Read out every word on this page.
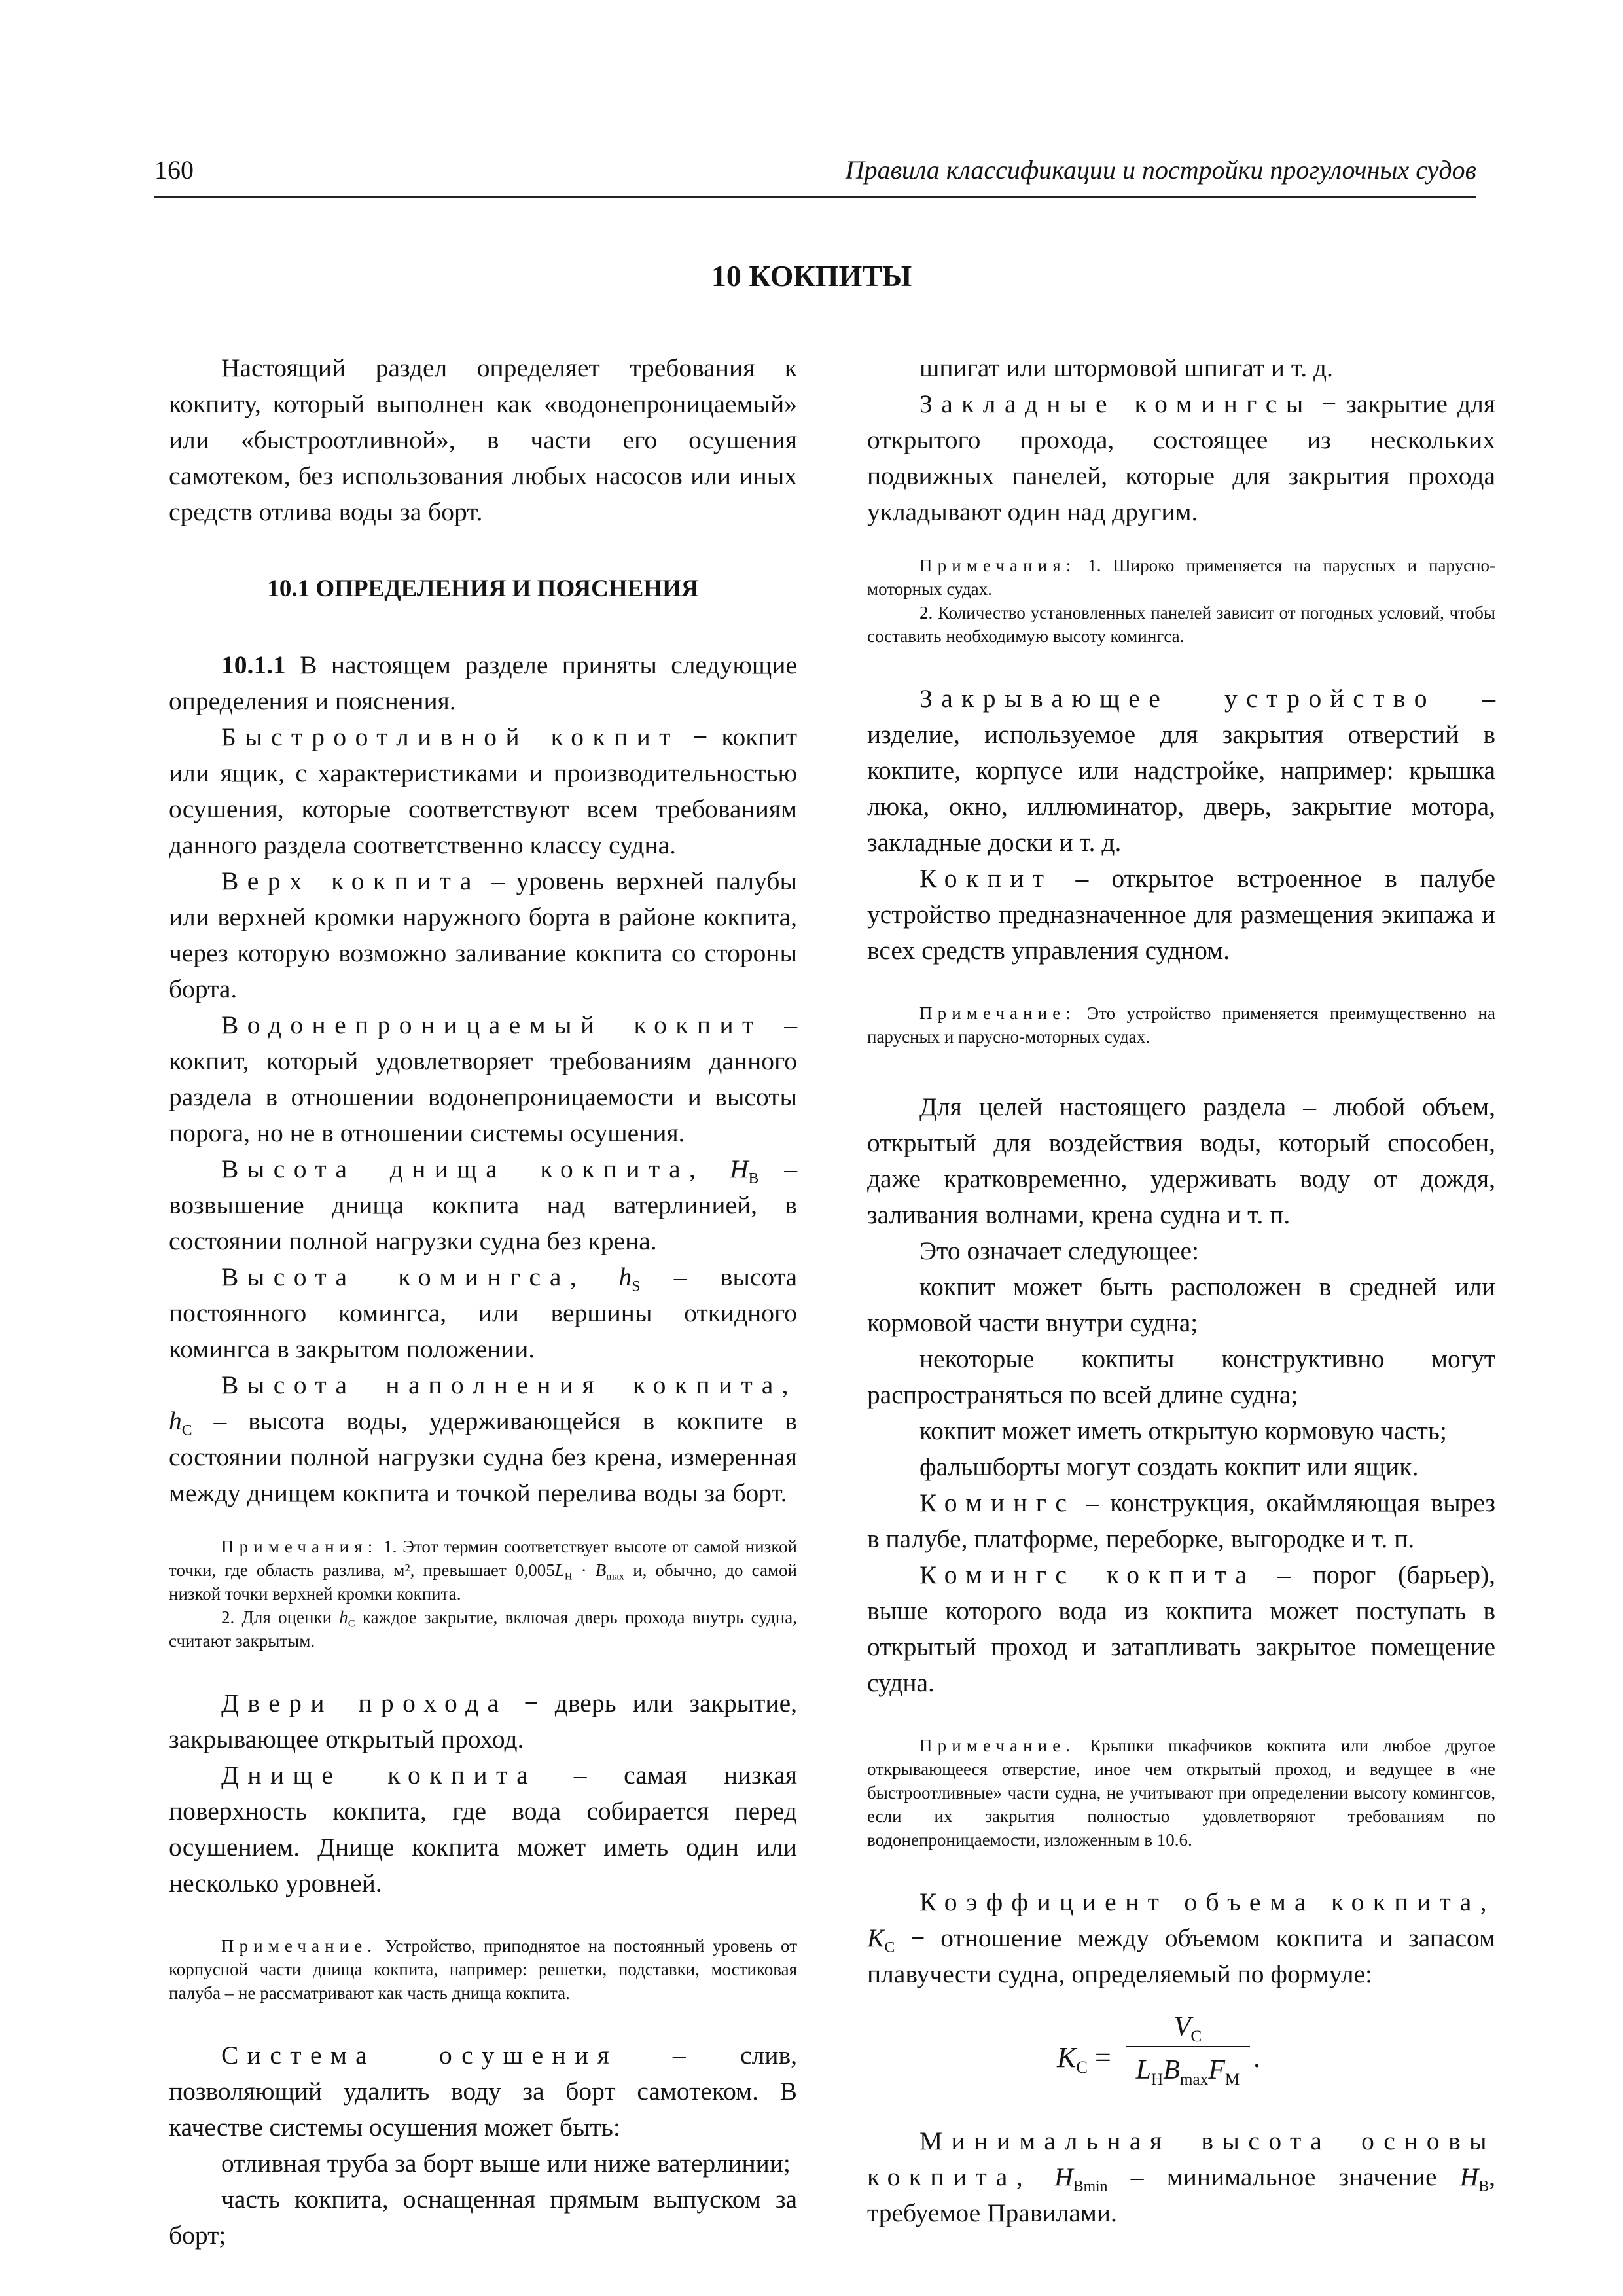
160	Правила классификации и постройки прогулочных судов
10 КОКПИТЫ

Настоящий раздел определяет требования к кокпиту, который выполнен как «водонепроницаемый» или «быстроотливной», в части его осушения самотеком, без использования любых насосов или иных средств отлива воды за борт.

10.1 ОПРЕДЕЛЕНИЯ И ПОЯСНЕНИЯ

10.1.1 В настоящем разделе приняты следующие определения и пояснения.

Быстроотливной кокпит − кокпит или ящик, с характеристиками и производительностью осушения, которые соответствуют всем требованиям данного раздела соответственно классу судна.

Верх кокпита – уровень верхней палубы или верхней кромки наружного борта в районе кокпита, через которую возможно заливание кокпита со стороны борта.

Водонепроницаемый кокпит – кокпит, который удовлетворяет требованиям данного раздела в отношении водонепроницаемости и высоты порога, но не в отношении системы осушения.

Высота днища кокпита, $H_B$ – возвышение днища кокпита над ватерлинией, в состоянии полной нагрузки судна без крена.

Высота комингса, $h_S$ – высота постоянного комингса, или вершины откидного комингса в закрытом положении.

Высота наполнения кокпита, $h_C$ – высота воды, удерживающейся в кокпите в состоянии полной нагрузки судна без крена, измеренная между днищем кокпита и точкой перелива воды за борт.

Примечания: 1. Этот термин соответствует высоте от самой низкой точки, где область разлива, м², превышает $0,005L_Н \cdot B_{max}$ и, обычно, до самой низкой точки верхней кромки кокпита.

2. Для оценки $h_C$ каждое закрытие, включая дверь прохода внутрь судна, считают закрытым.

Двери прохода − дверь или закрытие, закрывающее открытый проход.

Днище кокпита – самая низкая поверхность кокпита, где вода собирается перед осушением. Днище кокпита может иметь один или несколько уровней.

Примечание. Устройство, приподнятое на постоянный уровень от корпусной части днища кокпита, например: решетки, подставки, мостиковая палуба – не рассматривают как часть днища кокпита.

Система осушения – слив, позволяющий удалить воду за борт самотеком. В качестве системы осушения может быть:

отливная труба за борт выше или ниже ватерлинии;

часть кокпита, оснащенная прямым выпуском за борт;

шпигат или штормовой шпигат и т. д.

Закладные комингсы − закрытие для открытого прохода, состоящее из нескольких подвижных панелей, которые для закрытия прохода укладывают один над другим.

Примечания: 1. Широко применяется на парусных и парусно-моторных судах.

2. Количество установленных панелей зависит от погодных условий, чтобы составить необходимую высоту комингса.

Закрывающее устройство – изделие, используемое для закрытия отверстий в кокпите, корпусе или надстройке, например: крышка люка, окно, иллюминатор, дверь, закрытие мотора, закладные доски и т. д.

Кокпит – открытое встроенное в палубе устройство предназначенное для размещения экипажа и всех средств управления судном.

Примечание: Это устройство применяется преимущественно на парусных и парусно-моторных судах.

Для целей настоящего раздела – любой объем, открытый для воздействия воды, который способен, даже кратковременно, удерживать воду от дождя, заливания волнами, крена судна и т. п.

Это означает следующее:

кокпит может быть расположен в средней или кормовой части внутри судна;

некоторые кокпиты конструктивно могут распространяться по всей длине судна;

кокпит может иметь открытую кормовую часть;

фальшборты могут создать кокпит или ящик.

Комингс – конструкция, окаймляющая вырез в палубе, платформе, переборке, выгородке и т. п.

Комингс кокпита – порог (барьер), выше которого вода из кокпита может поступать в открытый проход и затапливать закрытое помещение судна.

Примечание. Крышки шкафчиков кокпита или любое другое открывающееся отверстие, иное чем открытый проход, и ведущее в «не быстроотливные» части судна, не учитывают при определении высоту комингсов, если их закрытия полностью удовлетворяют требованиям по водонепроницаемости, изложенным в 10.6.

Коэффициент объема кокпита, $K_C$ − отношение между объемом кокпита и запасом плавучести судна, определяемый по формуле:

$K_C$ =
$V_C$
$L_HB_{max}F_M$
.

Минимальная высота основы кокпита, $H_{Bmin}$ – минимальное значение $H_B$, требуемое Правилами.
